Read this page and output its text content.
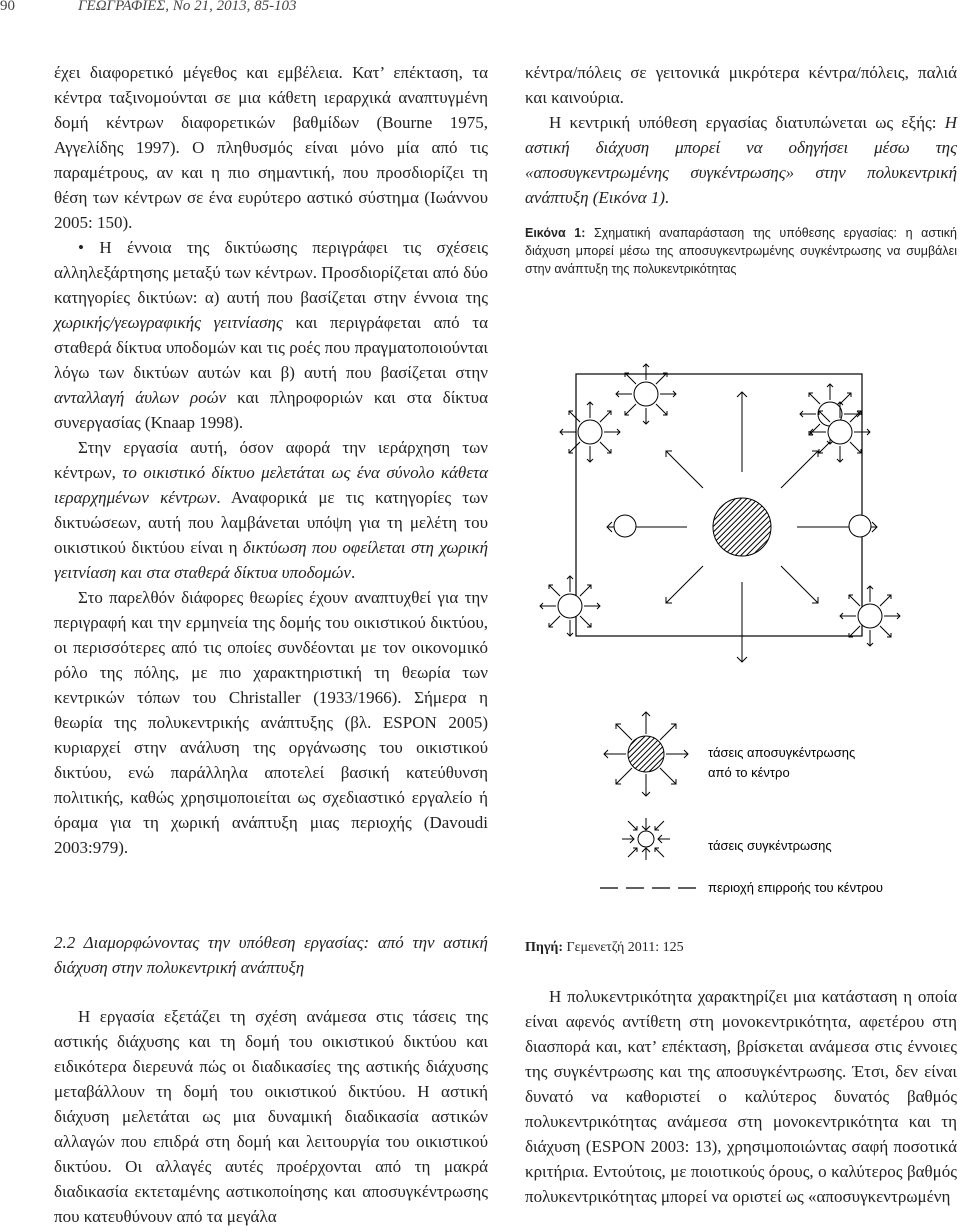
90	ΓΕΩΓΡΑΦΙΕΣ, Νο 21, 2013, 85-103

έχει διαφορετικό μέγεθος και εμβέλεια. Κατ’ επέκταση, τα κέντρα ταξινομούνται σε μια κάθετη ιεραρχικά αναπτυγμένη δομή κέντρων διαφορετικών βαθμίδων (Bourne 1975, Αγγελίδης 1997). Ο πληθυσμός είναι μόνο μία από τις παραμέτρους, αν και η πιο σημαντική, που προσδιορίζει τη θέση των κέντρων σε ένα ευρύτερο αστικό σύστημα (Ιωάννου 2005: 150).

• Η έννοια της δικτύωσης περιγράφει τις σχέσεις αλληλεξάρτησης μεταξύ των κέντρων. Προσδιορίζεται από δύο κατηγορίες δικτύων: α) αυτή που βασίζεται στην έννοια της χωρικής/γεωγραφικής γειτνίασης και περιγράφεται από τα σταθερά δίκτυα υποδομών και τις ροές που πραγματοποιούνται λόγω των δικτύων αυτών και β) αυτή που βασίζεται στην ανταλλαγή άυλων ροών και πληροφοριών και στα δίκτυα συνεργασίας (Knaap 1998).

Στην εργασία αυτή, όσον αφορά την ιεράρχηση των κέντρων, το οικιστικό δίκτυο μελετάται ως ένα σύνολο κάθετα ιεραρχημένων κέντρων. Αναφορικά με τις κατηγορίες των δικτυώσεων, αυτή που λαμβάνεται υπόψη για τη μελέτη του οικιστικού δικτύου είναι η δικτύωση που οφείλεται στη χωρική γειτνίαση και στα σταθερά δίκτυα υποδομών.

Στο παρελθόν διάφορες θεωρίες έχουν αναπτυχθεί για την περιγραφή και την ερμηνεία της δομής του οικιστικού δικτύου, οι περισσότερες από τις οποίες συνδέονται με τον οικονομικό ρόλο της πόλης, με πιο χαρακτηριστική τη θεωρία των κεντρικών τόπων του Christaller (1933/1966). Σήμερα η θεωρία της πολυκεντρικής ανάπτυξης (βλ. ESPON 2005) κυριαρχεί στην ανάλυση της οργάνωσης του οικιστικού δικτύου, ενώ παράλληλα αποτελεί βασική κατεύθυνση πολιτικής, καθώς χρησιμοποιείται ως σχεδιαστικό εργαλείο ή όραμα για τη χωρική ανάπτυξη μιας περιοχής (Davoudi 2003:979).

2.2 Διαμορφώνοντας την υπόθεση εργασίας: από την αστική διάχυση στην πολυκεντρική ανάπτυξη

Η εργασία εξετάζει τη σχέση ανάμεσα στις τάσεις της αστικής διάχυσης και τη δομή του οικιστικού δικτύου και ειδικότερα διερευνά πώς οι διαδικασίες της αστικής διάχυσης μεταβάλλουν τη δομή του οικιστικού δικτύου. Η αστική διάχυση μελετάται ως μια δυναμική διαδικασία αστικών αλλαγών που επιδρά στη δομή και λειτουργία του οικιστικού δικτύου. Οι αλλαγές αυτές προέρχονται από τη μακρά διαδικασία εκτεταμένης αστικοποίησης και αποσυγκέντρωσης που κατευθύνουν από τα μεγάλα

κέντρα/πόλεις σε γειτονικά μικρότερα κέντρα/πόλεις, παλιά και καινούρια.

Η κεντρική υπόθεση εργασίας διατυπώνεται ως εξής: Η αστική διάχυση μπορεί να οδηγήσει μέσω της «αποσυγκεντρωμένης συγκέντρωσης» στην πολυκεντρική ανάπτυξη (Εικόνα 1).

Εικόνα 1: Σχηματική αναπαράσταση της υπόθεσης εργασίας: η αστική διάχυση μπορεί μέσω της αποσυγκεντρωμένης συγκέντρωσης να συμβάλει στην ανάπτυξη της πολυκεντρικότητας

τάσεις αποσυγκέντρωσης
από το κέντρο
τάσεις συγκέντρωσης
περιοχή επιρροής του κέντρου
Πηγή: Γεμενετζή 2011: 125

Η πολυκεντρικότητα χαρακτηρίζει μια κατάσταση η οποία είναι αφενός αντίθετη στη μονοκεντρικότητα, αφετέρου στη διασπορά και, κατ’ επέκταση, βρίσκεται ανάμεσα στις έννοιες της συγκέντρωσης και της αποσυγκέντρωσης. Έτσι, δεν είναι δυνατό να καθοριστεί ο καλύτερος δυνατός βαθμός πολυκεντρικότητας ανάμεσα στη μονοκεντρικότητα και τη διάχυση (ESPON 2003: 13), χρησιμοποιώντας σαφή ποσοτικά κριτήρια. Εντούτοις, με ποιοτικούς όρους, ο καλύτερος βαθμός πολυκεντρικότητας μπορεί να οριστεί ως «αποσυγκεντρωμένη
